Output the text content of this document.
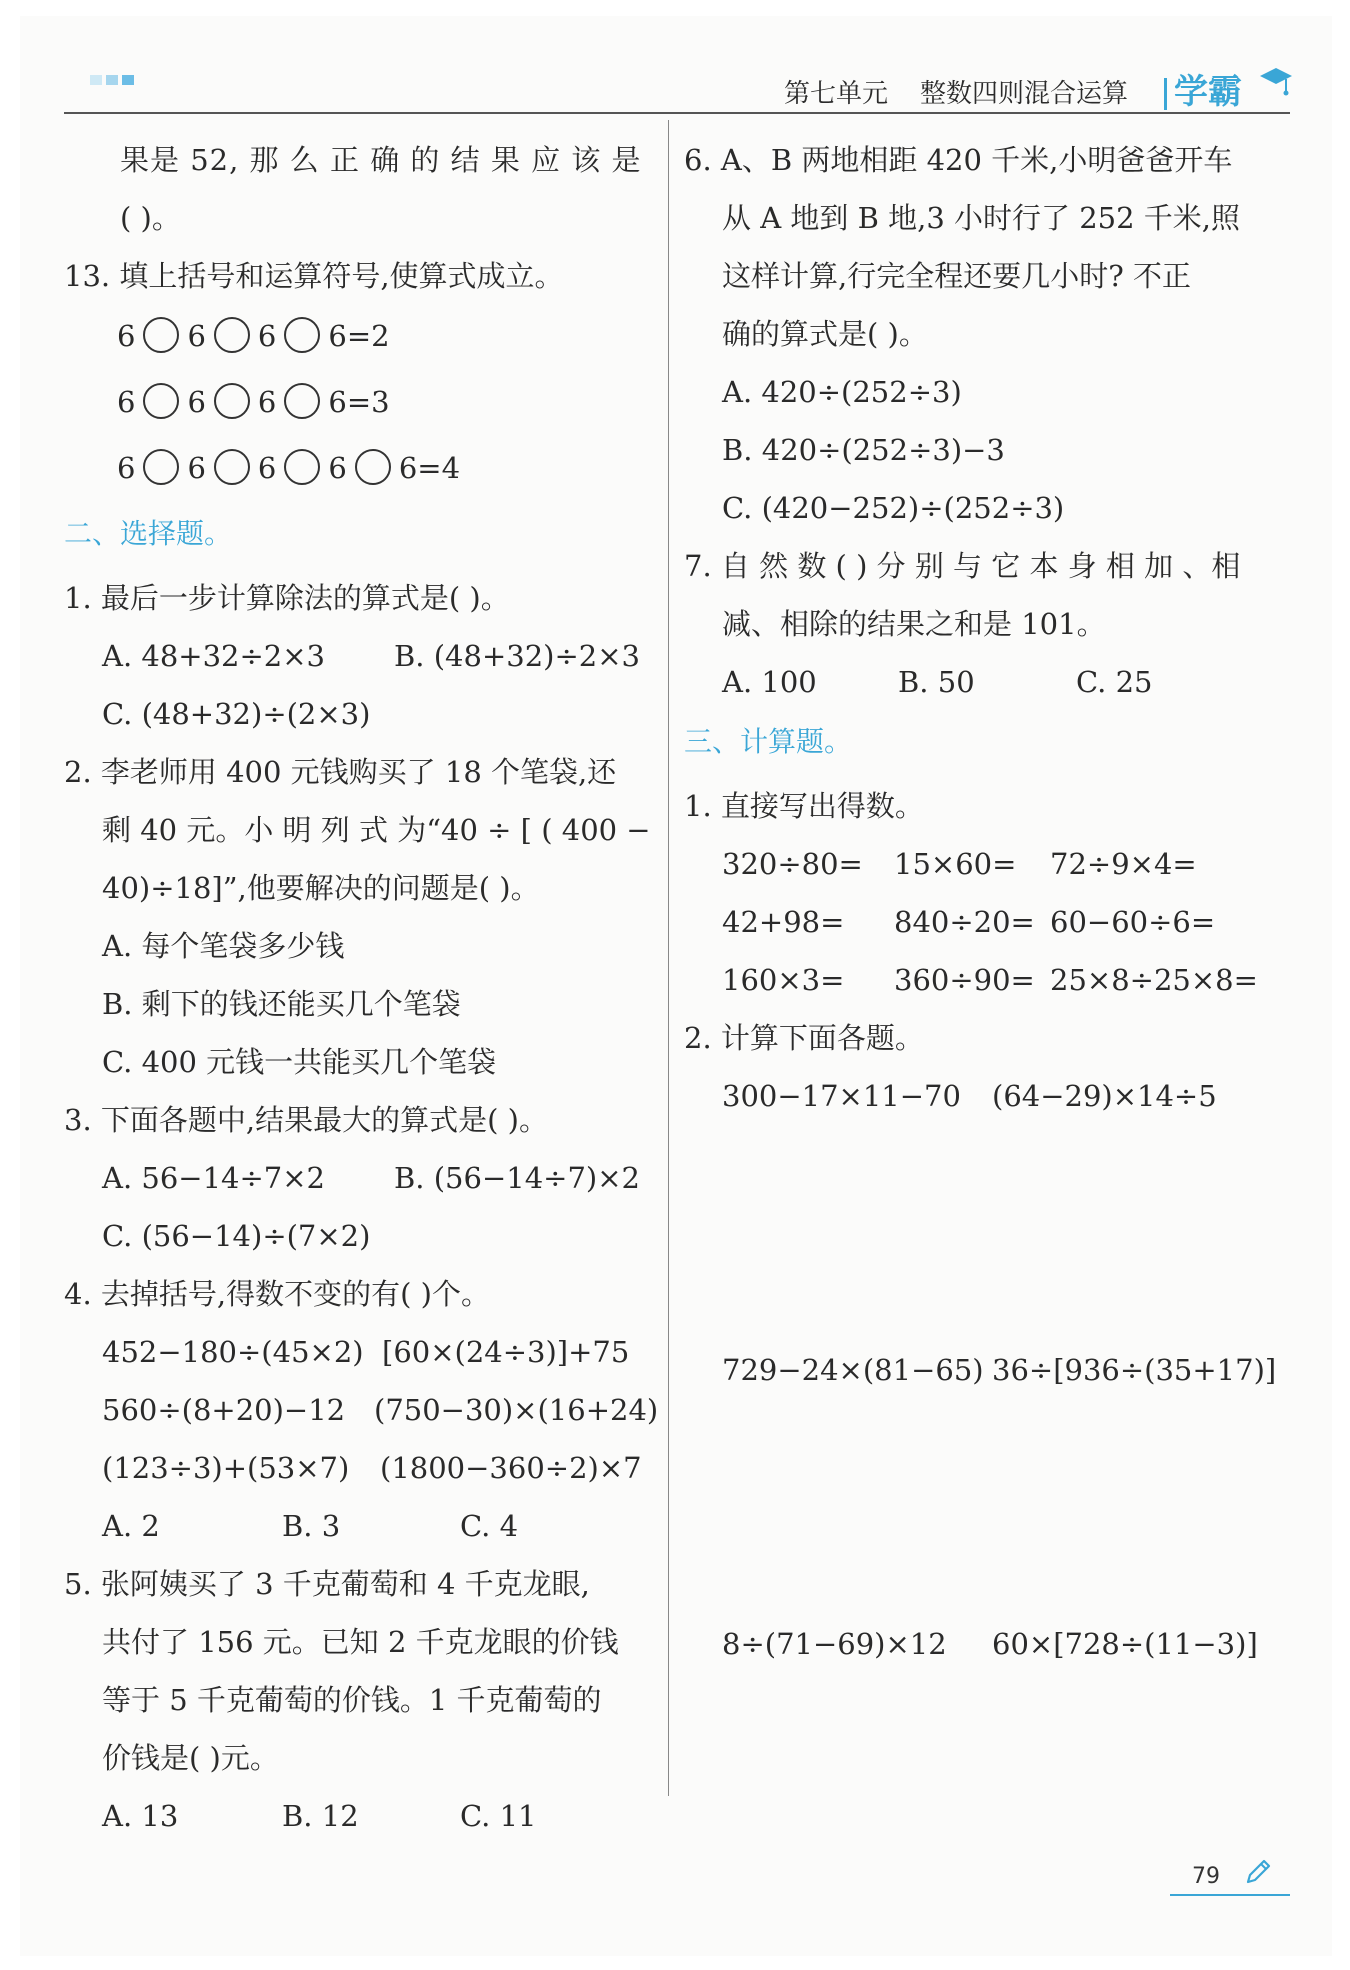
第七单元 整数四则混合运算 学霸
果是 52, 那 么 正 确 的 结 果 应 该 是
( )。
13. 填上括号和运算符号,使算式成立。
6 6 6 6=2
6 6 6 6=3
6 6 6 6 6=4
二、选择题。
1. 最后一步计算除法的算式是( )。
A. 48+32÷2×3 B. (48+32)÷2×3
C. (48+32)÷(2×3)
2. 李老师用 400 元钱购买了 18 个笔袋,还
剩 40 元。小 明 列 式 为“40 ÷ [ ( 400 −
40)÷18]”,他要解决的问题是( )。
A. 每个笔袋多少钱
B. 剩下的钱还能买几个笔袋
C. 400 元钱一共能买几个笔袋
3. 下面各题中,结果最大的算式是( )。
A. 56−14÷7×2 B. (56−14÷7)×2
C. (56−14)÷(7×2)
4. 去掉括号,得数不变的有( )个。
452−180÷(45×2) [60×(24÷3)]+75
560÷(8+20)−12 (750−30)×(16+24)
(123÷3)+(53×7) (1800−360÷2)×7
A. 2	B. 3	C. 4
5. 张阿姨买了 3 千克葡萄和 4 千克龙眼,
共付了 156 元。已知 2 千克龙眼的价钱
等于 5 千克葡萄的价钱。1 千克葡萄的
价钱是( )元。
A. 13	B. 12	C. 11
6. A、B 两地相距 420 千米,小明爸爸开车
从 A 地到 B 地,3 小时行了 252 千米,照
这样计算,行完全程还要几小时? 不正
确的算式是( )。
A. 420÷(252÷3)
B. 420÷(252÷3)−3
C. (420−252)÷(252÷3)
7. 自 然 数 ( ) 分 别 与 它 本 身 相 加 、相
减、相除的结果之和是 101。
A. 100	B. 50	C. 25
三、计算题。
1. 直接写出得数。
320÷80= 15×60= 72÷9×4=
42+98= 840÷20= 60−60÷6=
160×3= 360÷90= 25×8÷25×8=
2. 计算下面各题。
300−17×11−70 (64−29)×14÷5
729−24×(81−65) 36÷[936÷(35+17)]
8÷(71−69)×12 60×[728÷(11−3)]
79
